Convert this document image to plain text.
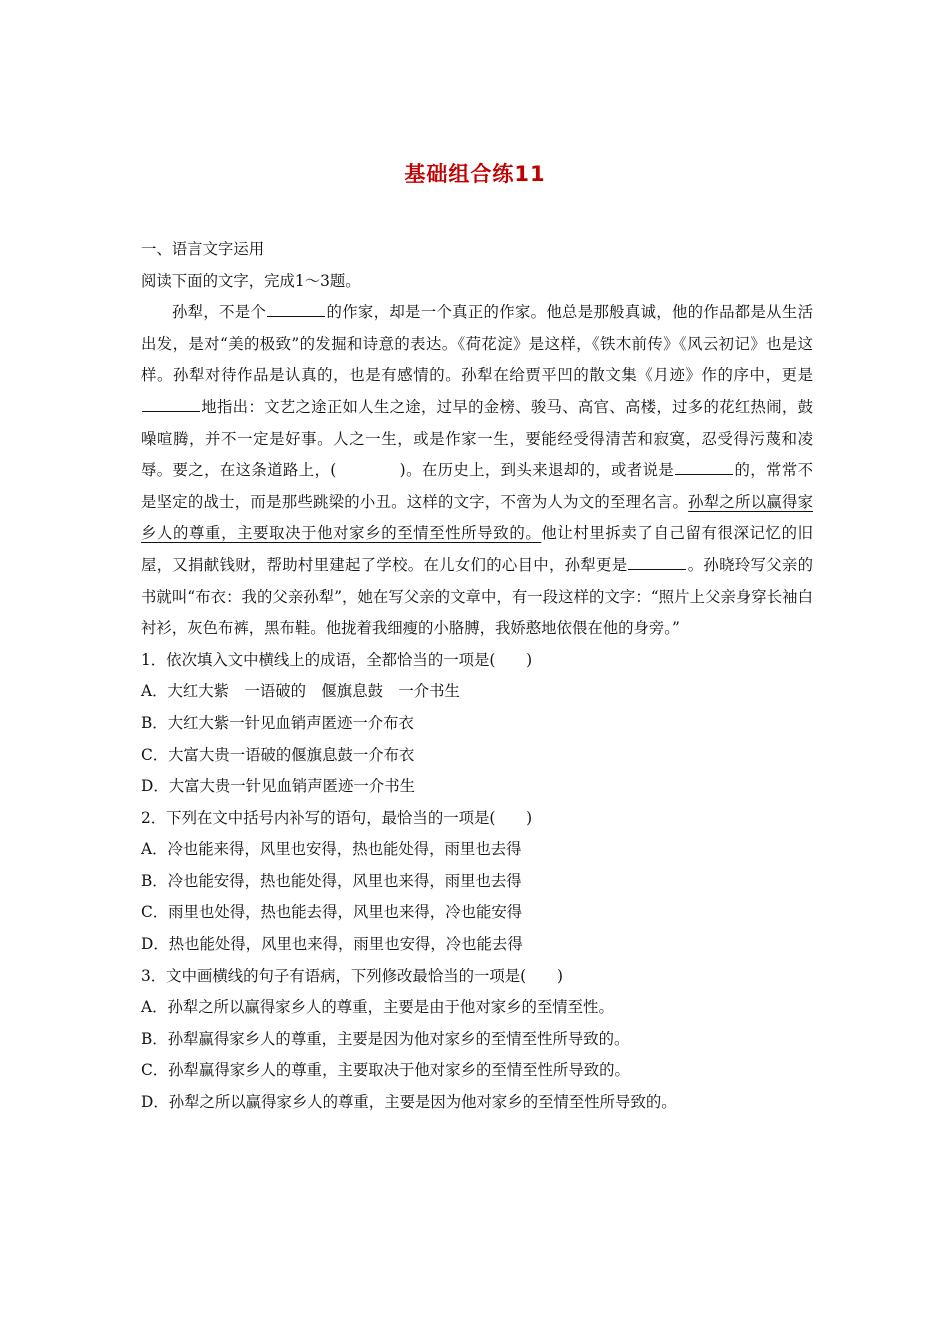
基础组合练11
一、语言文字运用
阅读下面的文字，完成1～3题。
孙犁，不是个	的作家，却是一个真正的作家。他总是那般真诚，他的作品都是从生活出发，是对“美的极致”的发掘和诗意的表达。《荷花淀》是这样，《铁木前传》《风云初记》也是这样。孙犁对待作品是认真的，也是有感情的。孙犁在给贾平凹的散文集《月迹》作的序中，更是地指出：文艺之途正如人生之途，过早的金榜、骏马、高官、高楼，过多的花红热闹，鼓噪喧腾，并不一定是好事。人之一生，或是作家一生，要能经受得清苦和寂寞，忍受得污蔑和凌辱。要之，在这条道路上，(　　　　)。在历史上，到头来退却的，或者说是	的，常常不是坚定的战士，而是那些跳梁的小丑。这样的文字，不啻为人为文的至理名言。孙犁之所以赢得家乡人的尊重，主要取决于他对家乡的至情至性所导致的。他让村里拆卖了自己留有很深记忆的旧屋，又捐献钱财，帮助村里建起了学校。在儿女们的心目中，孙犁更是	。孙晓玲写父亲的书就叫“布衣：我的父亲孙犁”，她在写父亲的文章中，有一段这样的文字：“照片上父亲身穿长袖白衬衫，灰色布裤，黑布鞋。他拢着我细瘦的小胳膊，我娇憨地依偎在他的身旁。”
1．依次填入文中横线上的成语，全都恰当的一项是(　　)
A．大红大紫　一语破的　偃旗息鼓　一介书生
B．大红大紫一针见血销声匿迹一介布衣
C．大富大贵一语破的偃旗息鼓一介布衣
D．大富大贵一针见血销声匿迹一介书生
2．下列在文中括号内补写的语句，最恰当的一项是(　　)
A．冷也能来得，风里也安得，热也能处得，雨里也去得
B．冷也能安得，热也能处得，风里也来得，雨里也去得
C．雨里也处得，热也能去得，风里也来得，冷也能安得
D．热也能处得，风里也来得，雨里也安得，冷也能去得
3．文中画横线的句子有语病，下列修改最恰当的一项是(　　)
A．孙犁之所以赢得家乡人的尊重，主要是由于他对家乡的至情至性。
B．孙犁赢得家乡人的尊重，主要是因为他对家乡的至情至性所导致的。
C．孙犁赢得家乡人的尊重，主要取决于他对家乡的至情至性所导致的。
D．孙犁之所以赢得家乡人的尊重，主要是因为他对家乡的至情至性所导致的。
